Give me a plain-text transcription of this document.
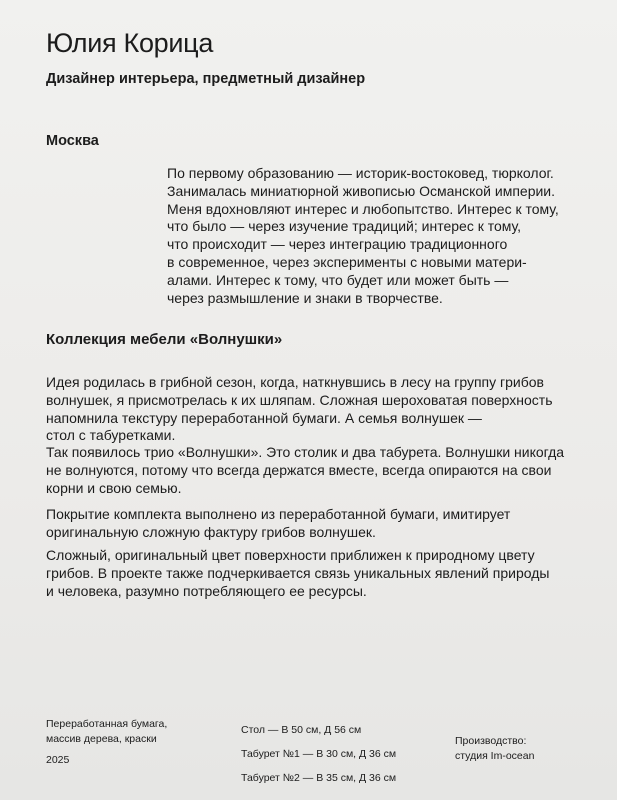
Юлия Корица
Дизайнер интерьера, предметный дизайнер
Москва
По первому образованию — историк-востоковед, тюрколог.
Занималась миниатюрной живописью Османской империи.
Меня вдохновляют интерес и любопытство. Интерес к тому,
что было — через изучение традиций; интерес к тому,
что происходит — через интеграцию традиционного
в современное, через эксперименты с новыми матери-
алами. Интерес к тому, что будет или может быть —
через размышление и знаки в творчестве.
Коллекция мебели «Волнушки»
Идея родилась в грибной сезон, когда, наткнувшись в лесу на группу грибов
волнушек, я присмотрелась к их шляпам. Сложная шероховатая поверхность
напомнила текстуру переработанной бумаги. А семья волнушек —
стол с табуретками.
Так появилось трио «Волнушки». Это столик и два табурета. Волнушки никогда
не волнуются, потому что всегда держатся вместе, всегда опираются на свои
корни и свою семью.
Покрытие комплекта выполнено из переработанной бумаги, имитирует
оригинальную сложную фактуру грибов волнушек.
Сложный, оригинальный цвет поверхности приближен к природному цвету
грибов. В проекте также подчеркивается связь уникальных явлений природы
и человека, разумно потребляющего ее ресурсы.
Переработанная бумага,
массив дерева, краски
2025
Стол — В 50 см, Д 56 см
Табурет №1 — В 30 см, Д 36 см
Табурет №2 — В 35 см, Д 36 см
Производство:
студия Im-ocean
